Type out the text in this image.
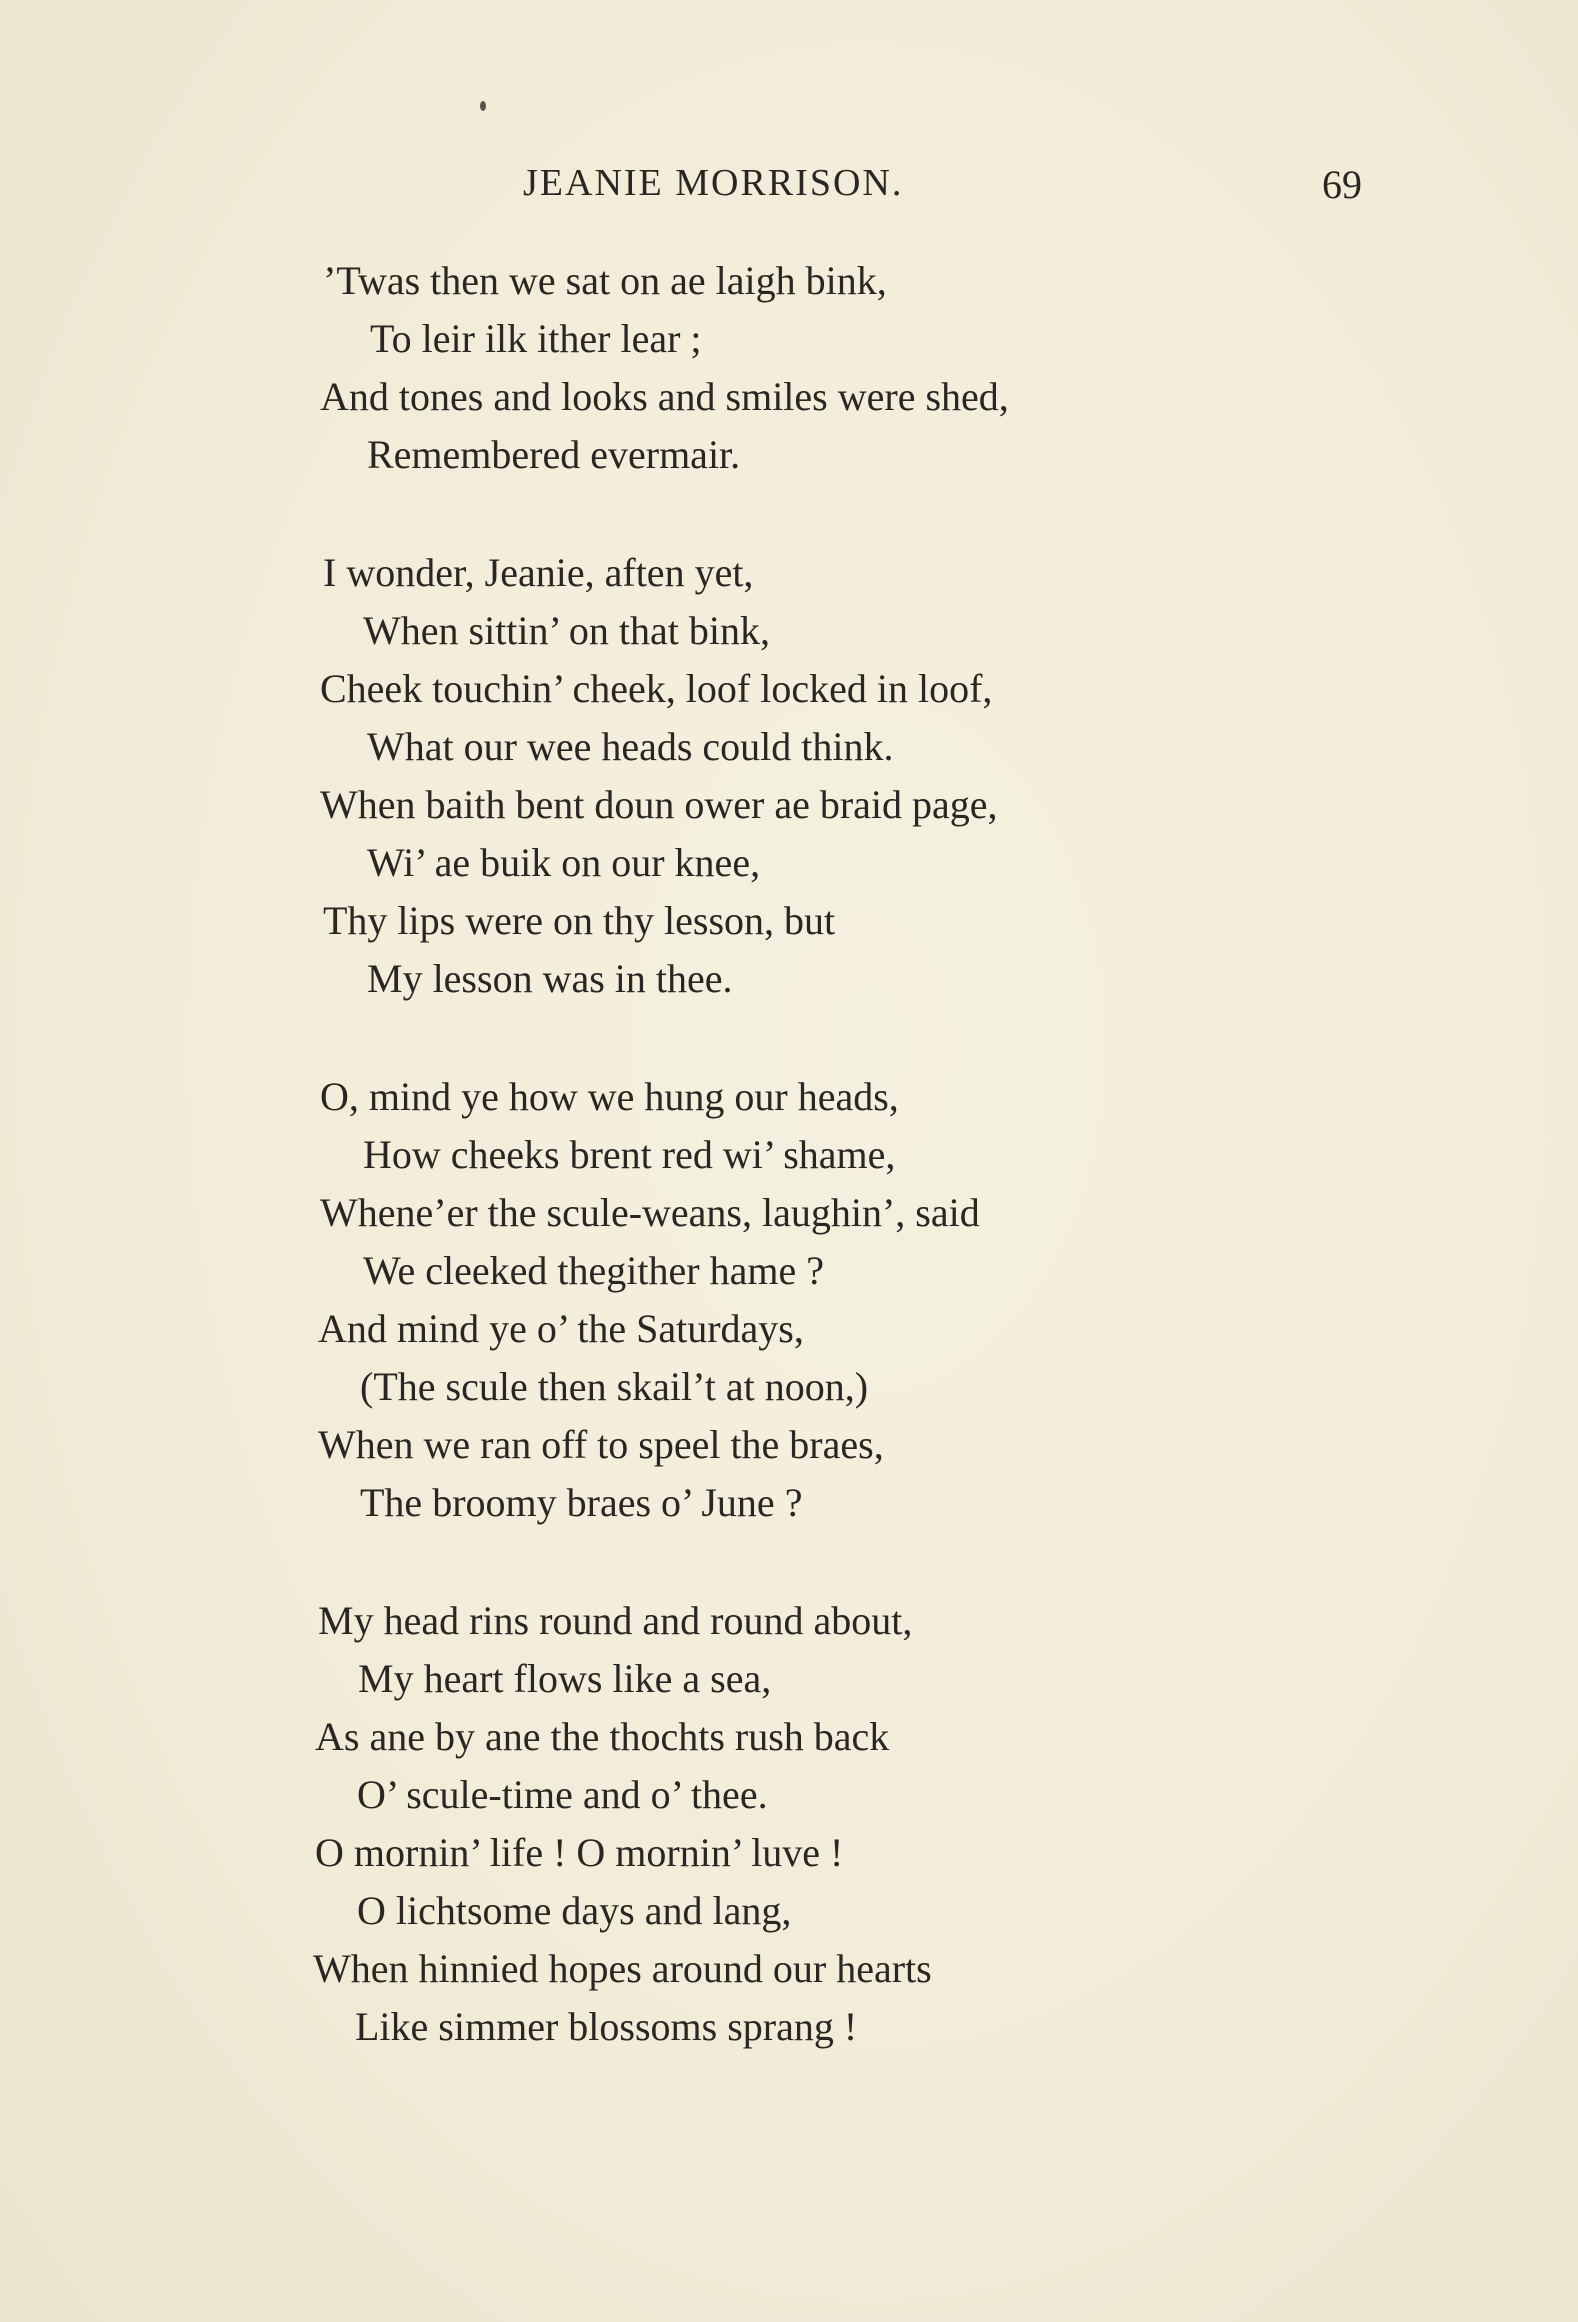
JEANIE MORRISON.	69
’Twas then we sat on ae laigh bink,
To leir ilk ither lear ;
And tones and looks and smiles were shed,
Remembered evermair.
I wonder, Jeanie, aften yet,
When sittin’ on that bink,
Cheek touchin’ cheek, loof locked in loof,
What our wee heads could think.
When baith bent doun ower ae braid page,
Wi’ ae buik on our knee,
Thy lips were on thy lesson, but
My lesson was in thee.
O, mind ye how we hung our heads,
How cheeks brent red wi’ shame,
Whene’er the scule-weans, laughin’, said
We cleeked thegither hame ?
And mind ye o’ the Saturdays,
(The scule then skail’t at noon,)
When we ran off to speel the braes,
The broomy braes o’ June ?
My head rins round and round about,
My heart flows like a sea,
As ane by ane the thochts rush back
O’ scule-time and o’ thee.
O mornin’ life ! O mornin’ luve !
O lichtsome days and lang,
When hinnied hopes around our hearts
Like simmer blossoms sprang !
